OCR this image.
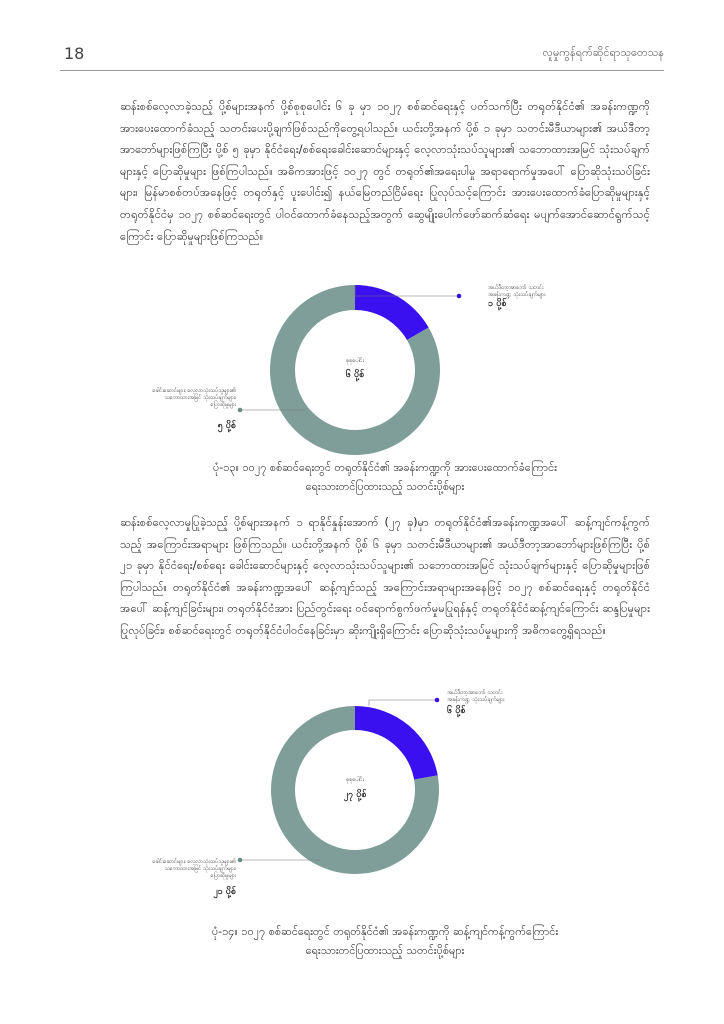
18	လူမှုကွန်ရက်ဆိုင်ရာသုတေသန

ဆန်းစစ်လေ့လာခဲ့သည့် ပို့စ်များအနက် ပို့စ်စုစုပေါင်း ၆ ခု မှာ ၁၀၂၇ စစ်ဆင်ရေးနှင့် ပတ်သက်ပြီး တရုတ်နိုင်ငံ၏ အခန်းကဏ္ဍကို အားပေးထောက်ခံသည့် သတင်းပေးပို့ချက်ဖြစ်သည်ကိုတွေ့ရပါသည်။ ယင်းတို့အနက် ပို့စ် ၁ ခုမှာ သတင်းမီဒီယာများ၏ အယ်ဒီတာ့အာဘော်များဖြစ်ကြပြီး ပို့စ် ၅ ခုမှာ နိုင်ငံရေး/စစ်ရေးခေါင်းဆောင်များနှင့် လေ့လာသုံးသပ်သူများ၏ သဘောထားအမြင် သုံးသပ်ချက်များနှင့် ပြောဆိုမှုများ ဖြစ်ကြပါသည်။ အဓိကအားဖြင့် ၁၀၂၇ တွင် တရုတ်၏အရေးပါမှု အရာရောက်မှုအပေါ် ပြောဆိုသုံးသပ်ခြင်းများ၊ မြန်မာစစ်တပ်အနေဖြင့် တရုတ်နှင့် ပူးပေါင်း၍ နယ်မြေတည်ငြိမ်ရေး ပြုလုပ်သင့်ကြောင်း အားပေးထောက်ခံပြောဆိုမှုများနှင့် တရုတ်နိုင်ငံမှ ၁၀၂၇ စစ်ဆင်ရေးတွင် ပါဝင်ထောက်ခံနေသည့်အတွက် ဆွေမျိုးပေါက်ဖော်ဆက်ဆံရေး မပျက်အောင်ဆောင်ရွက်သင့်ကြောင်း ပြောဆိုမှုများဖြစ်ကြသည်။

စုစုပေါင်း
၆ ပို့စ်
အယ်ဒီတာ့အာဘော် သတင်း
အခန်းကဏ္ဍ သုံးသပ်ချက်များ
၁ ပို့စ်
ခေါင်းဆောင်များ၊ လေ့လာသုံးသပ်သူများ၏
သဘောထားအမြင် သုံးသပ်ချက်များ၊
ပြောဆိုမှုများ
၅ ပို့စ်
ပုံ-၁၃။ ၁၀၂၇ စစ်ဆင်ရေးတွင် တရုတ်နိုင်ငံ၏ အခန်းကဏ္ဍကို အားပေးထောက်ခံကြောင်း
ရေးသားတင်ပြထားသည့် သတင်းပို့စ်များ

ဆန်းစစ်လေ့လာမှုပြုခဲ့သည့် ပို့စ်များအနက် ၁ ရာနိုင်နှုန်းအောက် (၂၇ ခု)မှာ တရုတ်နိုင်ငံ၏အခန်းကဏ္ဍအပေါ် ဆန့်ကျင်ကန့်ကွက်သည့် အကြောင်းအရာများ ဖြစ်ကြသည်။ ယင်းတို့အနက် ပို့စ် ၆ ခုမှာ သတင်းမီဒီယာများ၏ အယ်ဒီတာ့အာဘော်များဖြစ်ကြပြီး ပို့စ် ၂၁ ခုမှာ နိုင်ငံရေး/စစ်ရေး ခေါင်းဆောင်များနှင့် လေ့လာသုံးသပ်သူများ၏ သဘောထားအမြင် သုံးသပ်ချက်များနှင့် ပြောဆိုမှုများဖြစ်ကြပါသည်။ တရုတ်နိုင်ငံ၏ အခန်းကဏ္ဍအပေါ် ဆန့်ကျင်သည့် အကြောင်းအရာများအနေဖြင့် ၁၀၂၇ စစ်ဆင်ရေးနှင့် တရုတ်နိုင်ငံအပေါ် ဆန့်ကျင်ခြင်းများ၊ တရုတ်နိုင်ငံအား ပြည်တွင်းရေး ဝင်ရောက်စွက်ဖက်မှုမပြုရန်နှင့် တရုတ်နိုင်ငံဆန့်ကျင်ကြောင်း ဆန္ဒပြမှုများပြုလုပ်ခြင်း၊ စစ်ဆင်ရေးတွင် တရုတ်နိုင်ငံပါဝင်နေခြင်းမှာ ဆိုးကျိုးရှိကြောင်း ပြောဆိုသုံးသပ်မှုများကို အဓိကတွေ့ရှိရသည်။

စုစုပေါင်း
၂၇ ပို့စ်
အယ်ဒီတာ့အာဘော် သတင်း
အခန်းကဏ္ဍ သုံးသပ်ချက်များ
၆ ပို့စ်
ခေါင်းဆောင်များ၊ လေ့လာသုံးသပ်သူများ၏
သဘောထားအမြင် သုံးသပ်ချက်များ၊
ပြောဆိုမှုများ
၂၁ ပို့စ်
ပုံ-၁၄။ ၁၀၂၇ စစ်ဆင်ရေးတွင် တရုတ်နိုင်ငံ၏ အခန်းကဏ္ဍကို ဆန့်ကျင်ကန့်ကွက်ကြောင်း
ရေးသားတင်ပြထားသည့် သတင်းပို့စ်များ
